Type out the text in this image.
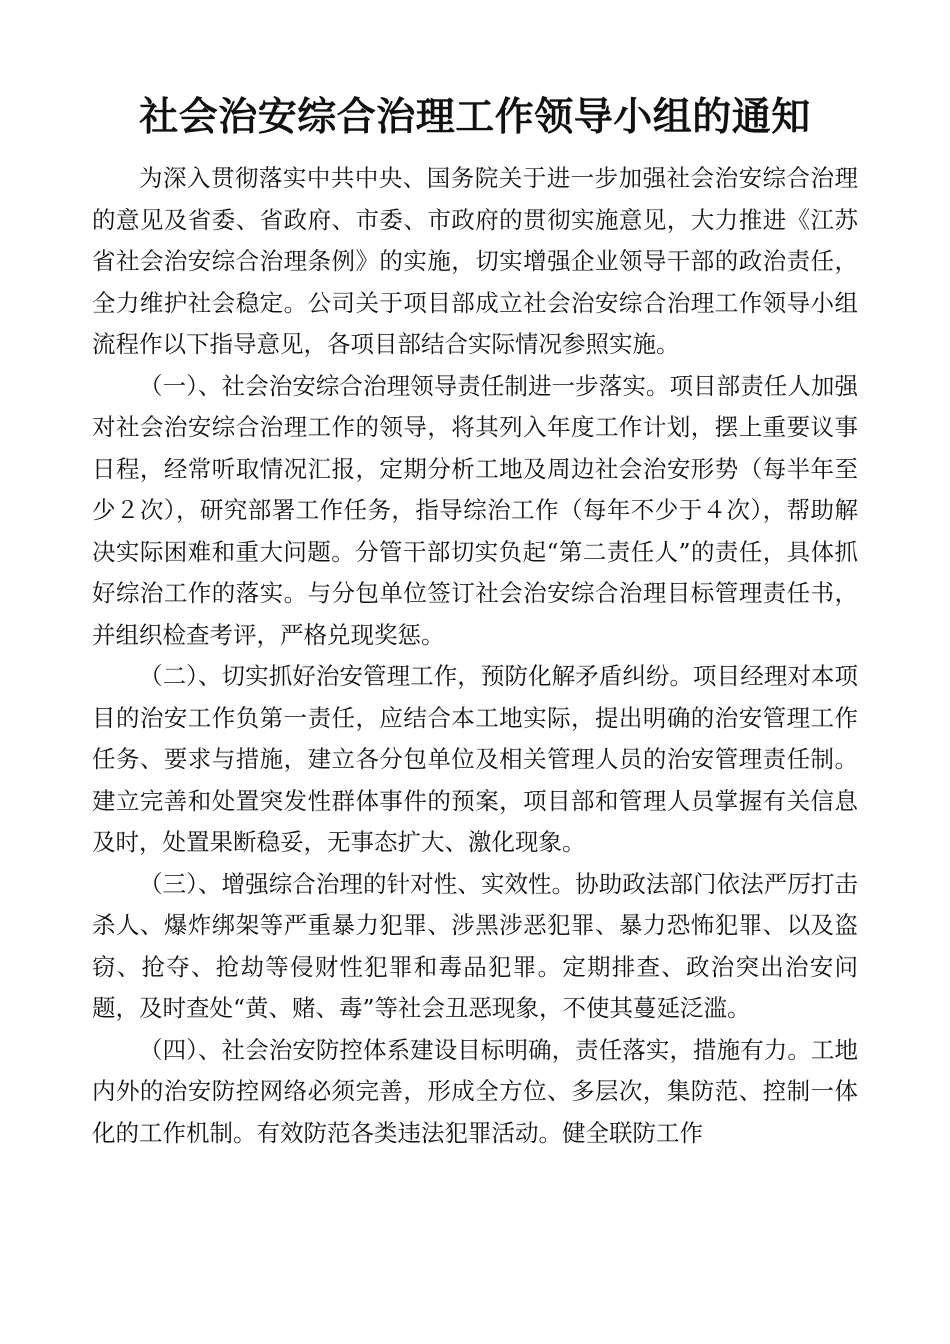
社会治安综合治理工作领导小组的通知

为深入贯彻落实中共中央、国务院关于进一步加强社会治安综合治理的意见及省委、省政府、市委、市政府的贯彻实施意见，大力推进《江苏省社会治安综合治理条例》的实施，切实增强企业领导干部的政治责任，全力维护社会稳定。公司关于项目部成立社会治安综合治理工作领导小组流程作以下指导意见，各项目部结合实际情况参照实施。

（一）、社会治安综合治理领导责任制进一步落实。项目部责任人加强对社会治安综合治理工作的领导，将其列入年度工作计划，摆上重要议事日程，经常听取情况汇报，定期分析工地及周边社会治安形势（每半年至少２次），研究部署工作任务，指导综治工作（每年不少于４次），帮助解决实际困难和重大问题。分管干部切实负起“第二责任人”的责任，具体抓好综治工作的落实。与分包单位签订社会治安综合治理目标管理责任书，并组织检查考评，严格兑现奖惩。

（二）、切实抓好治安管理工作，预防化解矛盾纠纷。项目经理对本项目的治安工作负第一责任，应结合本工地实际，提出明确的治安管理工作任务、要求与措施，建立各分包单位及相关管理人员的治安管理责任制。建立完善和处置突发性群体事件的预案，项目部和管理人员掌握有关信息及时，处置果断稳妥，无事态扩大、激化现象。

（三）、增强综合治理的针对性、实效性。协助政法部门依法严厉打击杀人、爆炸绑架等严重暴力犯罪、涉黑涉恶犯罪、暴力恐怖犯罪、以及盗窃、抢夺、抢劫等侵财性犯罪和毒品犯罪。定期排查、政治突出治安问题，及时查处“黄、赌、毒”等社会丑恶现象，不使其蔓延泛滥。

（四）、社会治安防控体系建设目标明确，责任落实，措施有力。工地内外的治安防控网络必须完善，形成全方位、多层次，集防范、控制一体化的工作机制。有效防范各类违法犯罪活动。健全联防工作
